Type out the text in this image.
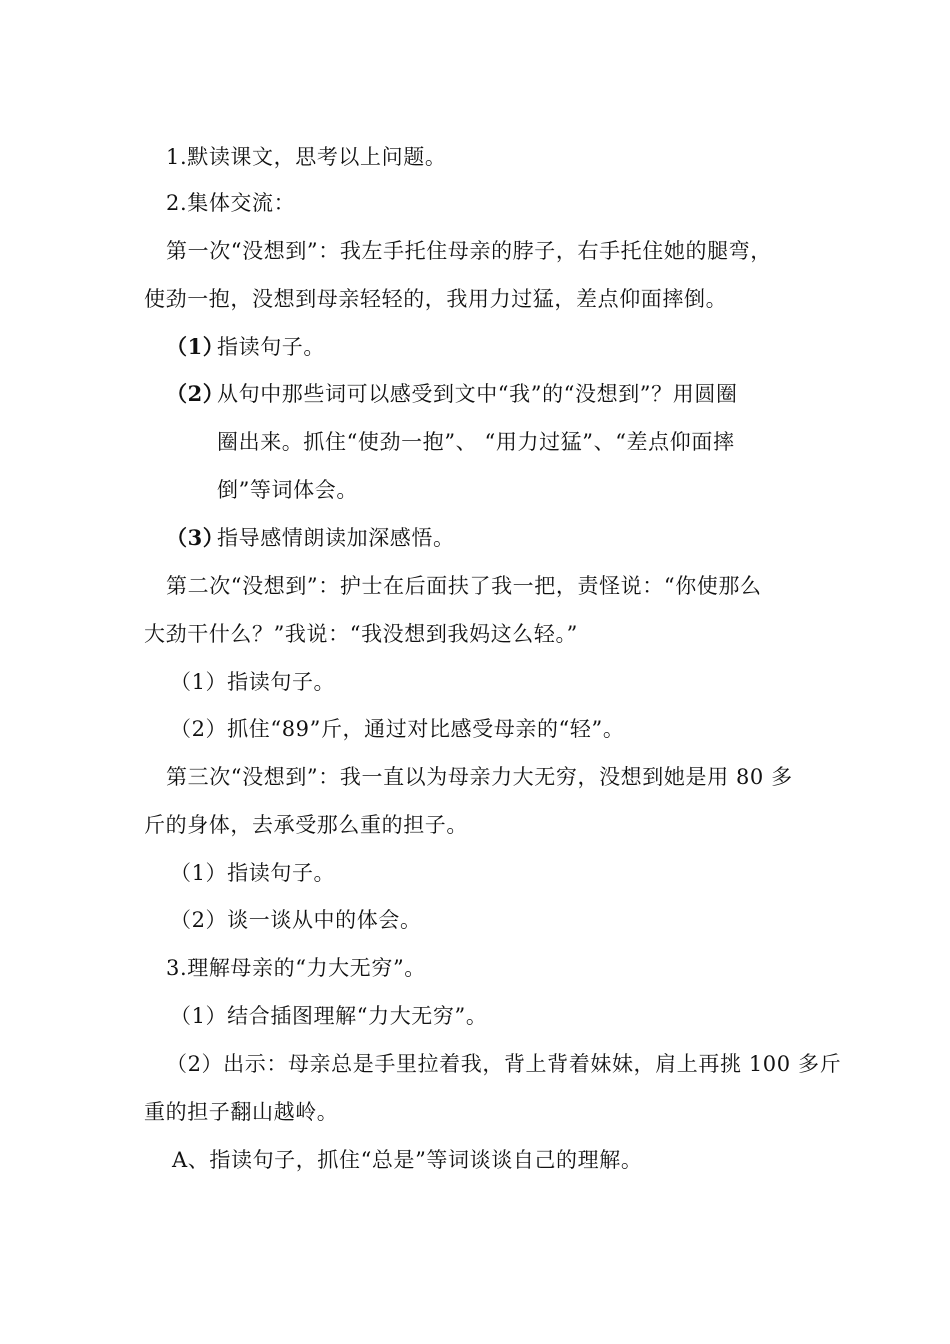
1.默读课文，思考以上问题。
2.集体交流：
第一次“没想到”：我左手托住母亲的脖子，右手托住她的腿弯，
使劲一抱，没想到母亲轻轻的，我用力过猛，差点仰面摔倒。
（1）
指读句子。
（2）
从句中那些词可以感受到文中“我”的“没想到”？用圆圈
圈出来。抓住“使劲一抱”、 “用力过猛”、“差点仰面摔
倒”等词体会。
（3）
指导感情朗读加深感悟。
第二次“没想到”：护士在后面扶了我一把，责怪说：“你使那么
大劲干什么？”我说：“我没想到我妈这么轻。”
（1）指读句子。
（2）抓住“89”斤，通过对比感受母亲的“轻”。
第三次“没想到”：我一直以为母亲力大无穷，没想到她是用 80 多
斤的身体，去承受那么重的担子。
（1）指读句子。
（2）谈一谈从中的体会。
3.理解母亲的“力大无穷”。
（1）结合插图理解“力大无穷”。
（2）出示：母亲总是手里拉着我，背上背着妹妹，肩上再挑 100 多斤
重的担子翻山越岭。
A、指读句子，抓住“总是”等词谈谈自己的理解。
